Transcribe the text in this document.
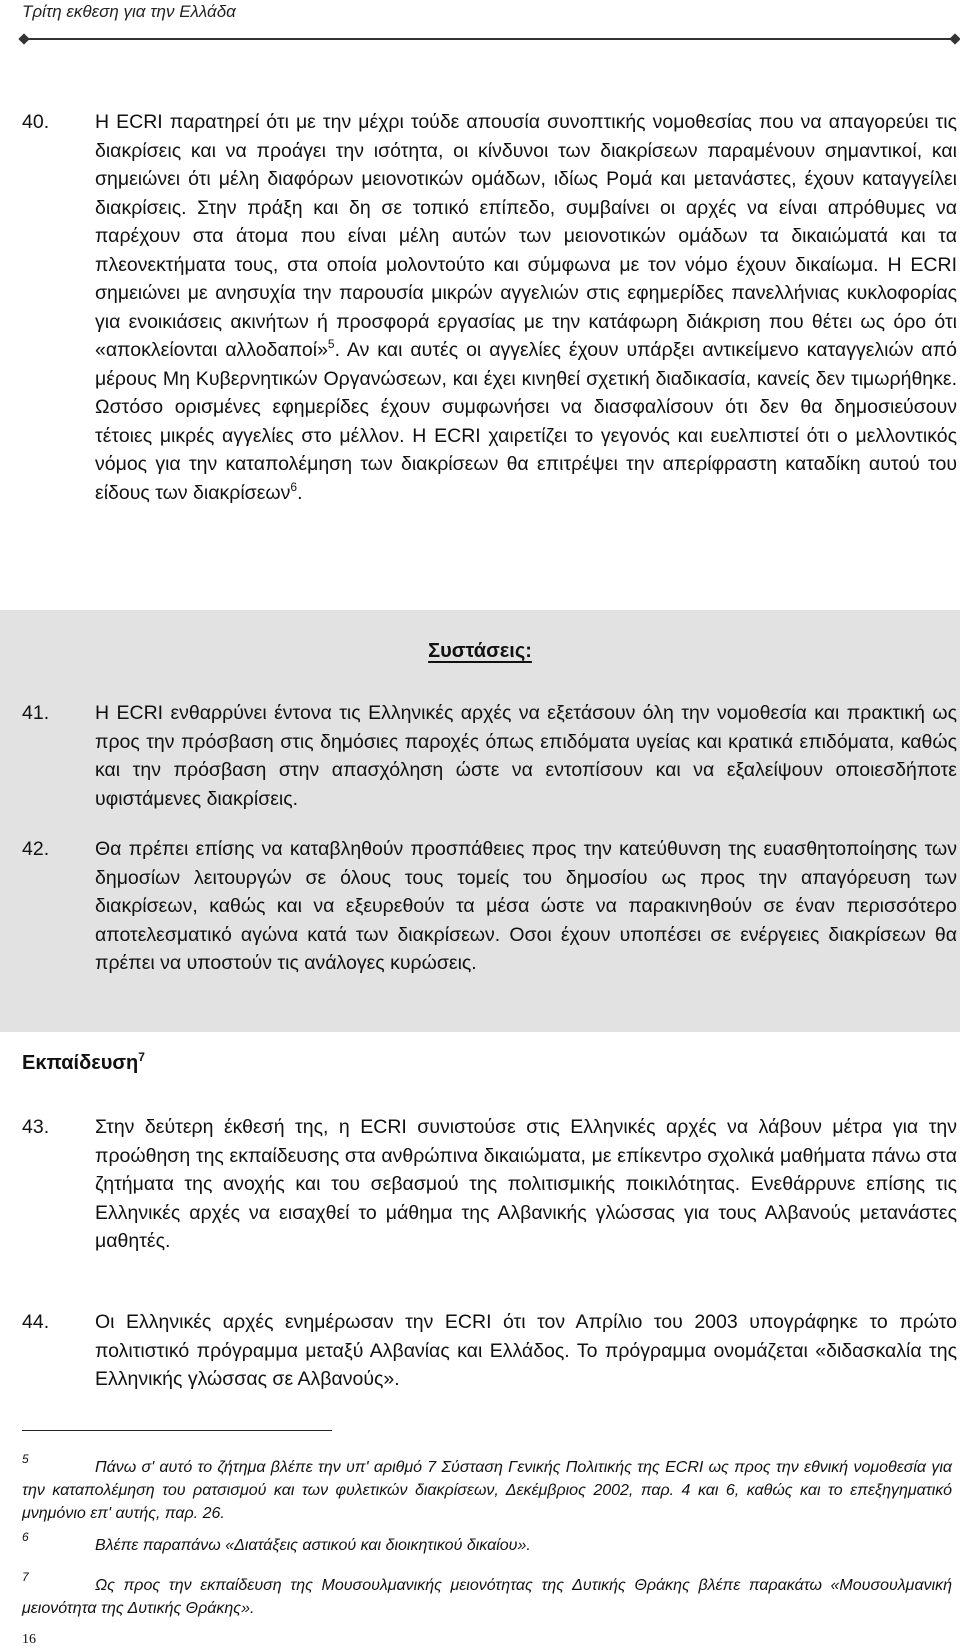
Τρίτη εκθεση για την Ελλάδα
40.	Η ECRI παρατηρεί ότι με την μέχρι τούδε απουσία συνοπτικής νομοθεσίας που να απαγορεύει τις διακρίσεις και να προάγει την ισότητα, οι κίνδυνοι των διακρίσεων παραμένουν σημαντικοί, και σημειώνει ότι μέλη διαφόρων μειονοτικών ομάδων, ιδίως Ρομά και μετανάστες, έχουν καταγγείλει διακρίσεις. Στην πράξη και δη σε τοπικό επίπεδο, συμβαίνει οι αρχές να είναι απρόθυμες να παρέχουν στα άτομα που είναι μέλη αυτών των μειονοτικών ομάδων τα δικαιώματά και τα πλεονεκτήματα τους, στα οποία μολοντούτο και σύμφωνα με τον νόμο έχουν δικαίωμα. Η ECRI σημειώνει με ανησυχία την παρουσία μικρών αγγελιών στις εφημερίδες πανελλήνιας κυκλοφορίας για ενοικιάσεις ακινήτων ή προσφορά εργασίας με την κατάφωρη διάκριση που θέτει ως όρο ότι «αποκλείονται αλλοδαποί»$^5$. Αν και αυτές οι αγγελίες έχουν υπάρξει αντικείμενο καταγγελιών από μέρους Μη Κυβερνητικών Οργανώσεων, και έχει κινηθεί σχετική διαδικασία, κανείς δεν τιμωρήθηκε. Ωστόσο ορισμένες εφημερίδες έχουν συμφωνήσει να διασφαλίσουν ότι δεν θα δημοσιεύσουν τέτοιες μικρές αγγελίες στο μέλλον. Η ECRI χαιρετίζει το γεγονός και ευελπιστεί ότι ο μελλοντικός νόμος για την καταπολέμηση των διακρίσεων θα επιτρέψει την απερίφραστη καταδίκη αυτού του είδους των διακρίσεων$^6$.
Συστάσεις:
41.	Η ECRI ενθαρρύνει έντονα τις Ελληνικές αρχές να εξετάσουν όλη την νομοθεσία και πρακτική ως προς την πρόσβαση στις δημόσιες παροχές όπως επιδόματα υγείας και κρατικά επιδόματα, καθώς και την πρόσβαση στην απασχόληση ώστε να εντοπίσουν και να εξαλείψουν οποιεσδήποτε υφιστάμενες διακρίσεις.
42.	Θα πρέπει επίσης να καταβληθούν προσπάθειες προς την κατεύθυνση της ευασθητοποίησης των δημοσίων λειτουργών σε όλους τους τομείς του δημοσίου ως προς την απαγόρευση των διακρίσεων, καθώς και να εξευρεθούν τα μέσα ώστε να παρακινηθούν σε έναν περισσότερο αποτελεσματικό αγώνα κατά των διακρίσεων. Οσοι έχουν υποπέσει σε ενέργειες διακρίσεων θα πρέπει να υποστούν τις ανάλογες κυρώσεις.
Εκπαίδευση$^7$
43.	Στην δεύτερη έκθεσή της, η ECRI συνιστούσε στις Ελληνικές αρχές να λάβουν μέτρα για την προώθηση της εκπαίδευσης στα ανθρώπινα δικαιώματα, με επίκεντρο σχολικά μαθήματα πάνω στα ζητήματα της ανοχής και του σεβασμού της πολιτισμικής ποικιλότητας. Ενεθάρρυνε επίσης τις Ελληνικές αρχές να εισαχθεί το μάθημα της Αλβανικής γλώσσας για τους Αλβανούς μετανάστες μαθητές.
44.	Οι Ελληνικές αρχές ενημέρωσαν την ECRI ότι τον Απρίλιο του 2003 υπογράφηκε το πρώτο πολιτιστικό πρόγραμμα μεταξύ Αλβανίας και Ελλάδος. Το πρόγραμμα ονομάζεται «διδασκαλία της Ελληνικής γλώσσας σε Αλβανούς».
5	Πάνω σ' αυτό το ζήτημα βλέπε την υπ' αριθμό 7 Σύσταση Γενικής Πολιτικής της ECRI ως προς την εθνική νομοθεσία για την καταπολέμηση του ρατσισμού και των φυλετικών διακρίσεων, Δεκέμβριος 2002, παρ. 4 και 6, καθώς και το επεξηγηματικό μνημόνιο επ' αυτής, παρ. 26.
6	Βλέπε παραπάνω «Διατάξεις αστικού και διοικητικού δικαίου».
7	Ως προς την εκπαίδευση της Μουσουλμανικής μειονότητας της Δυτικής Θράκης βλέπε παρακάτω «Μουσουλμανική μειονότητα της Δυτικής Θράκης».
16
